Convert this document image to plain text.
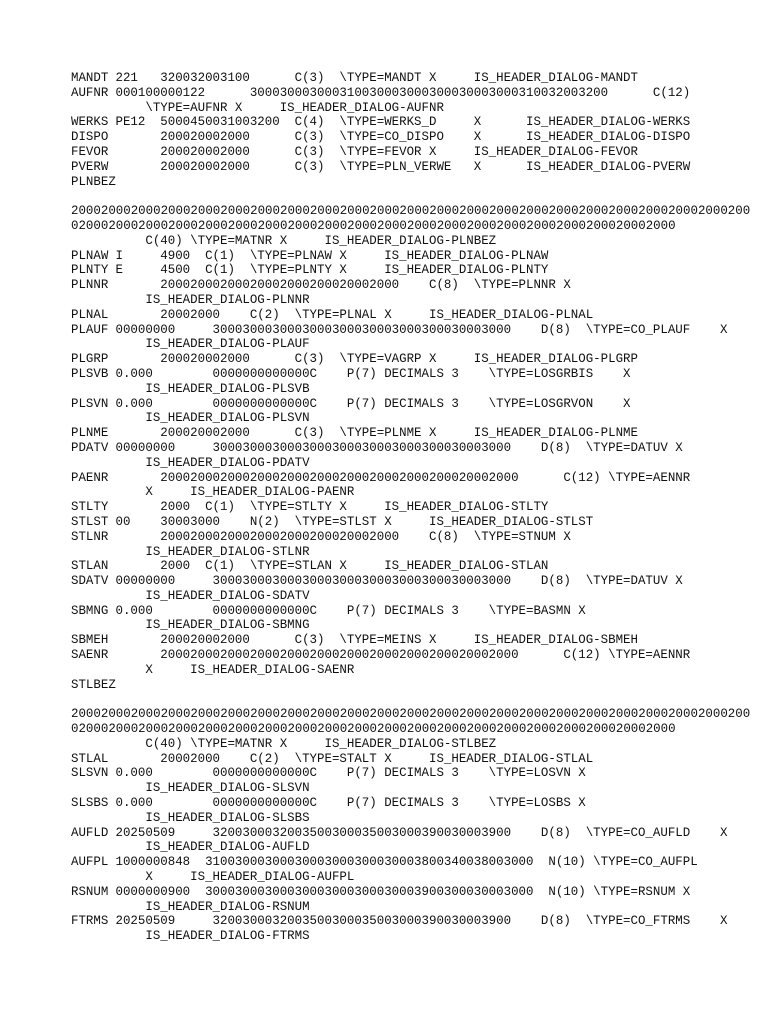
MANDT 221   320032003100      C(3)  \TYPE=MANDT X     IS_HEADER_DIALOG-MANDT
AUFNR 000100000122      300030003000310030003000300030003000310032003200      C(12)
\TYPE=AUFNR X     IS_HEADER_DIALOG-AUFNR
WERKS PE12  5000450031003200  C(4)  \TYPE=WERKS_D     X      IS_HEADER_DIALOG-WERKS
DISPO 200020002000      C(3)  \TYPE=CO_DISPO    X      IS_HEADER_DIALOG-DISPO
FEVOR 200020002000      C(3)  \TYPE=FEVOR X     IS_HEADER_DIALOG-FEVOR
PVERW 200020002000      C(3)  \TYPE=PLN_VERWE   X      IS_HEADER_DIALOG-PVERW
PLNBEZ
2000200020002000200020002000200020002000200020002000200020002000200020002000200020002000200020002000200020002000200020002000200020002000200020002000200020002000200020002000
C(40) \TYPE=MATNR X     IS_HEADER_DIALOG-PLNBEZ
PLNAW I     4900  C(1)  \TYPE=PLNAW X     IS_HEADER_DIALOG-PLNAW
PLNTY E     4500  C(1)  \TYPE=PLNTY X     IS_HEADER_DIALOG-PLNTY
PLNNR 20002000200020002000200020002000    C(8)  \TYPE=PLNNR X
IS_HEADER_DIALOG-PLNNR
PLNAL 20002000    C(2)  \TYPE=PLNAL X     IS_HEADER_DIALOG-PLNAL
PLAUF 00000000     3000300030003000300030003000300030003000    D(8)  \TYPE=CO_PLAUF    X
IS_HEADER_DIALOG-PLAUF
PLGRP 200020002000      C(3)  \TYPE=VAGRP X     IS_HEADER_DIALOG-PLGRP
PLSVB 0.000        0000000000000C    P(7) DECIMALS 3    \TYPE=LOSGRBIS    X
IS_HEADER_DIALOG-PLSVB
PLSVN 0.000        0000000000000C    P(7) DECIMALS 3    \TYPE=LOSGRVON    X
IS_HEADER_DIALOG-PLSVN
PLNME 200020002000      C(3)  \TYPE=PLNME X     IS_HEADER_DIALOG-PLNME
PDATV 00000000     3000300030003000300030003000300030003000    D(8)  \TYPE=DATUV X
IS_HEADER_DIALOG-PDATV
PAENR 200020002000200020002000200020002000200020002000      C(12) \TYPE=AENNR
X     IS_HEADER_DIALOG-PAENR
STLTY 2000  C(1)  \TYPE=STLTY X     IS_HEADER_DIALOG-STLTY
STLST 00    30003000    N(2)  \TYPE=STLST X     IS_HEADER_DIALOG-STLST
STLNR 20002000200020002000200020002000    C(8)  \TYPE=STNUM X
IS_HEADER_DIALOG-STLNR
STLAN 2000  C(1)  \TYPE=STLAN X     IS_HEADER_DIALOG-STLAN
SDATV 00000000     3000300030003000300030003000300030003000    D(8)  \TYPE=DATUV X
IS_HEADER_DIALOG-SDATV
SBMNG 0.000        0000000000000C    P(7) DECIMALS 3    \TYPE=BASMN X
IS_HEADER_DIALOG-SBMNG
SBMEH 200020002000      C(3)  \TYPE=MEINS X     IS_HEADER_DIALOG-SBMEH
SAENR 200020002000200020002000200020002000200020002000      C(12) \TYPE=AENNR
X     IS_HEADER_DIALOG-SAENR
STLBEZ
2000200020002000200020002000200020002000200020002000200020002000200020002000200020002000200020002000200020002000200020002000200020002000200020002000200020002000200020002000
C(40) \TYPE=MATNR X     IS_HEADER_DIALOG-STLBEZ
STLAL 20002000    C(2)  \TYPE=STALT X     IS_HEADER_DIALOG-STLAL
SLSVN 0.000        0000000000000C    P(7) DECIMALS 3    \TYPE=LOSVN X
IS_HEADER_DIALOG-SLSVN
SLSBS 0.000        0000000000000C    P(7) DECIMALS 3    \TYPE=LOSBS X
IS_HEADER_DIALOG-SLSBS
AUFLD 20250509     3200300032003500300035003000390030003900    D(8)  \TYPE=CO_AUFLD    X
IS_HEADER_DIALOG-AUFLD
AUFPL 1000000848  31003000300030003000300030003800340038003000  N(10) \TYPE=CO_AUFPL
X     IS_HEADER_DIALOG-AUFPL
RSNUM 0000000900  30003000300030003000300030003900300030003000  N(10) \TYPE=RSNUM X
IS_HEADER_DIALOG-RSNUM
FTRMS 20250509     3200300032003500300035003000390030003900    D(8)  \TYPE=CO_FTRMS    X
IS_HEADER_DIALOG-FTRMS
